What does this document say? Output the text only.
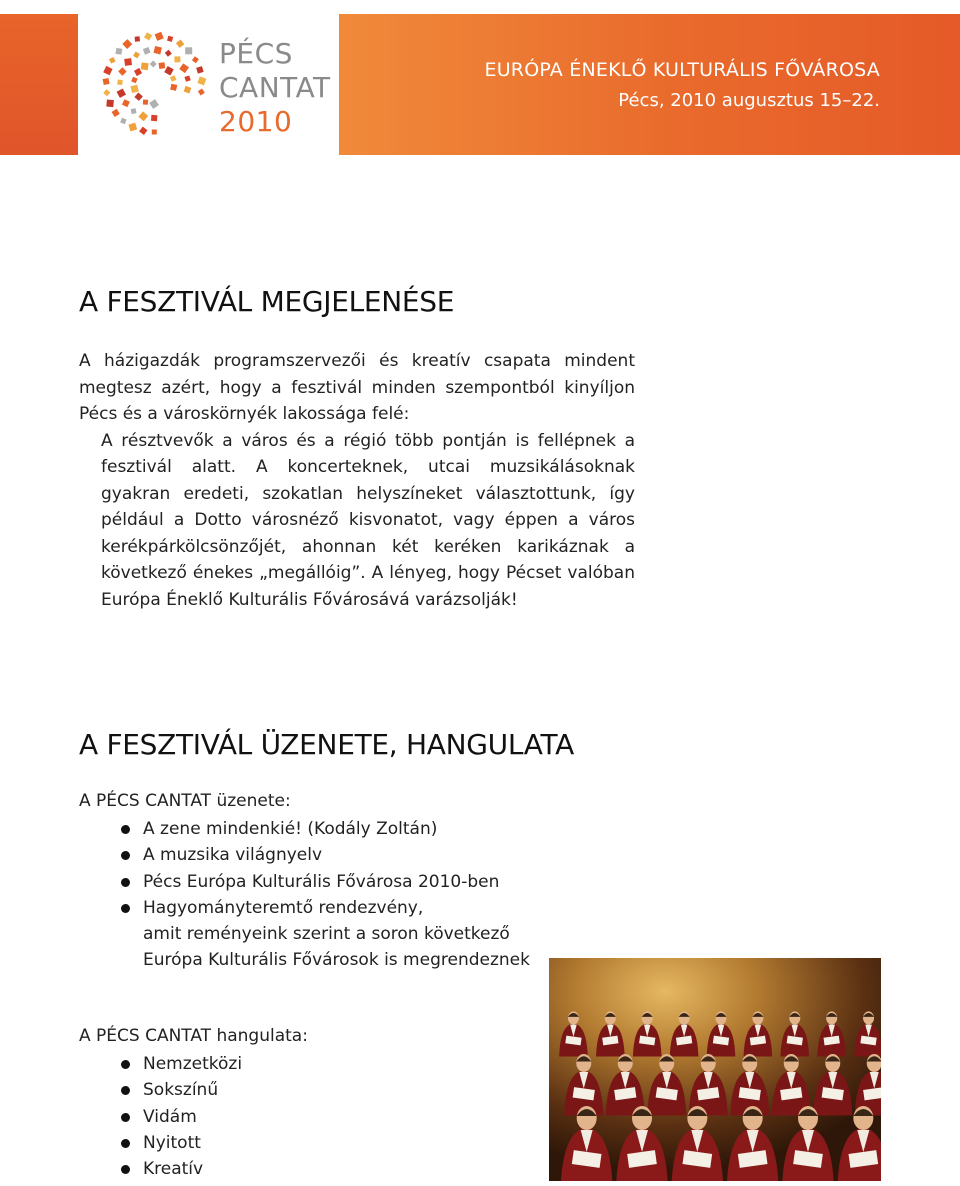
PÉCS
CANTAT
2010
EURÓPA ÉNEKLŐ KULTURÁLIS FŐVÁROSA
Pécs, 2010 augusztus 15–22.
A FESZTIVÁL MEGJELENÉSE

A házigazdák programszervezői és kreatív csapata mindent megtesz azért, hogy a fesztivál minden szempontból kinyíljon Pécs és a városkörnyék lakossága felé:

A résztvevők a város és a régió több pontján is fellépnek a fesztivál alatt. A koncerteknek, utcai muzsikálásoknak gyakran eredeti, szokatlan helyszíneket választottunk, így például a Dotto városnéző kisvonatot, vagy éppen a város kerékpárkölcsönzőjét, ahonnan két keréken karikáznak a következő énekes „megállóig”. A lényeg, hogy Pécset valóban Európa Éneklő Kulturális Fővárosává varázsolják!

A FESZTIVÁL ÜZENETE, HANGULATA
A PÉCS CANTAT üzenete:
A zene mindenkié! (Kodály Zoltán)
A muzsika világnyelv
Pécs Európa Kulturális Fővárosa 2010-ben
Hagyományteremtő rendezvény,
amit reményeink szerint a soron következő
Európa Kulturális Fővárosok is megrendeznek
A PÉCS CANTAT hangulata:
Nemzetközi
Sokszínű
Vidám
Nyitott
Kreatív
